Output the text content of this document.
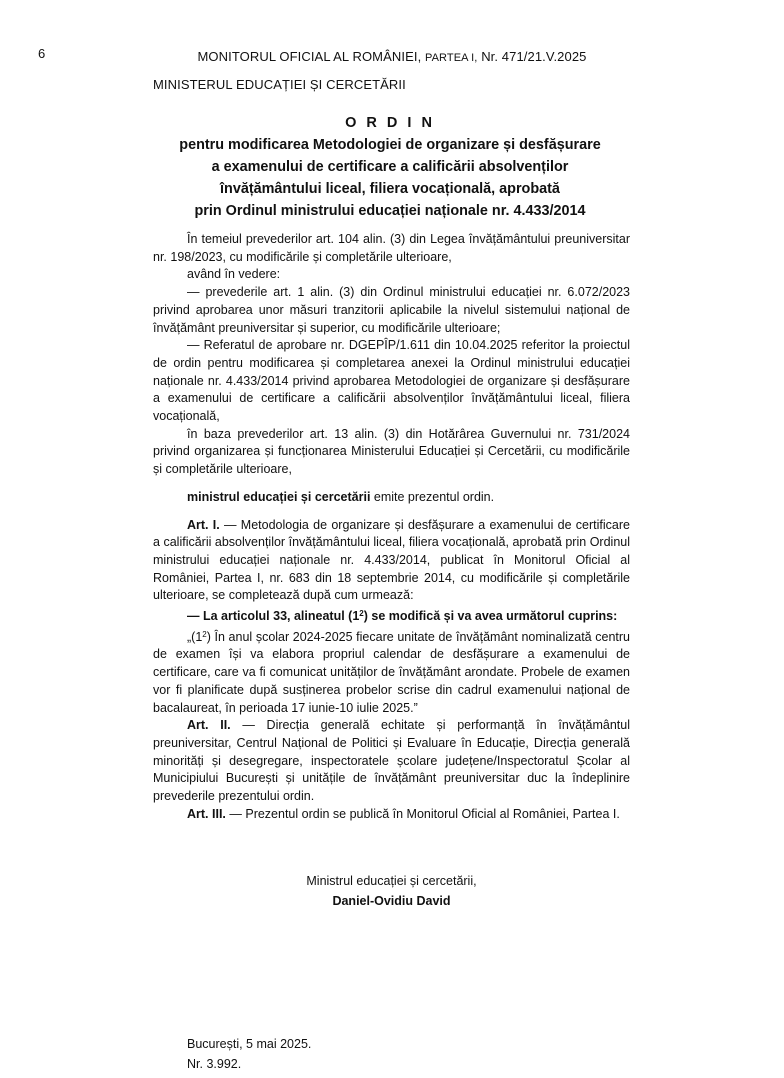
6	MONITORUL OFICIAL AL ROMÂNIEI, PARTEA I, Nr. 471/21.V.2025
MINISTERUL EDUCAȚIEI ȘI CERCETĂRII
O R D I N
pentru modificarea Metodologiei de organizare și desfășurare
a examenului de certificare a calificării absolvenților
învățământului liceal, filiera vocațională, aprobată
prin Ordinul ministrului educației naționale nr. 4.433/2014

În temeiul prevederilor art. 104 alin. (3) din Legea învățământului preuniversitar nr. 198/2023, cu modificările și completările ulterioare,

având în vedere:

— prevederile art. 1 alin. (3) din Ordinul ministrului educației nr. 6.072/2023 privind aprobarea unor măsuri tranzitorii aplicabile la nivelul sistemului național de învățământ preuniversitar și superior, cu modificările ulterioare;

— Referatul de aprobare nr. DGEPÎP/1.611 din 10.04.2025 referitor la proiectul de ordin pentru modificarea și completarea anexei la Ordinul ministrului educației naționale nr. 4.433/2014 privind aprobarea Metodologiei de organizare și desfășurare a examenului de certificare a calificării absolvenților învățământului liceal, filiera vocațională,

în baza prevederilor art. 13 alin. (3) din Hotărârea Guvernului nr. 731/2024 privind organizarea și funcționarea Ministerului Educației și Cercetării, cu modificările și completările ulterioare,

ministrul educației și cercetării emite prezentul ordin.

Art. I. — Metodologia de organizare și desfășurare a examenului de certificare a calificării absolvenților învățământului liceal, filiera vocațională, aprobată prin Ordinul ministrului educației naționale nr. 4.433/2014, publicat în Monitorul Oficial al României, Partea I, nr. 683 din 18 septembrie 2014, cu modificările și completările ulterioare, se completează după cum urmează:

— La articolul 33, alineatul $(1^2)$ se modifică și va avea următorul cuprins:

$„(1^2)$ În anul școlar 2024-2025 fiecare unitate de învățământ nominalizată centru de examen își va elabora propriul calendar de desfășurare a examenului de certificare, care va fi comunicat unităților de învățământ arondate. Probele de examen vor fi planificate după susținerea probelor scrise din cadrul examenului național de bacalaureat, în perioada 17 iunie-10 iulie 2025.”

Art. II. — Direcția generală echitate și performanță în învățământul preuniversitar, Centrul Național de Politici și Evaluare în Educație, Direcția generală minorități și desegregare, inspectoratele școlare județene/Inspectoratul Școlar al Municipiului București și unitățile de învățământ preuniversitar duc la îndeplinire prevederile prezentului ordin.

Art. III. — Prezentul ordin se publică în Monitorul Oficial al României, Partea I.

Ministrul educației și cercetării,
Daniel-Ovidiu David
București, 5 mai 2025.
Nr. 3.992.
